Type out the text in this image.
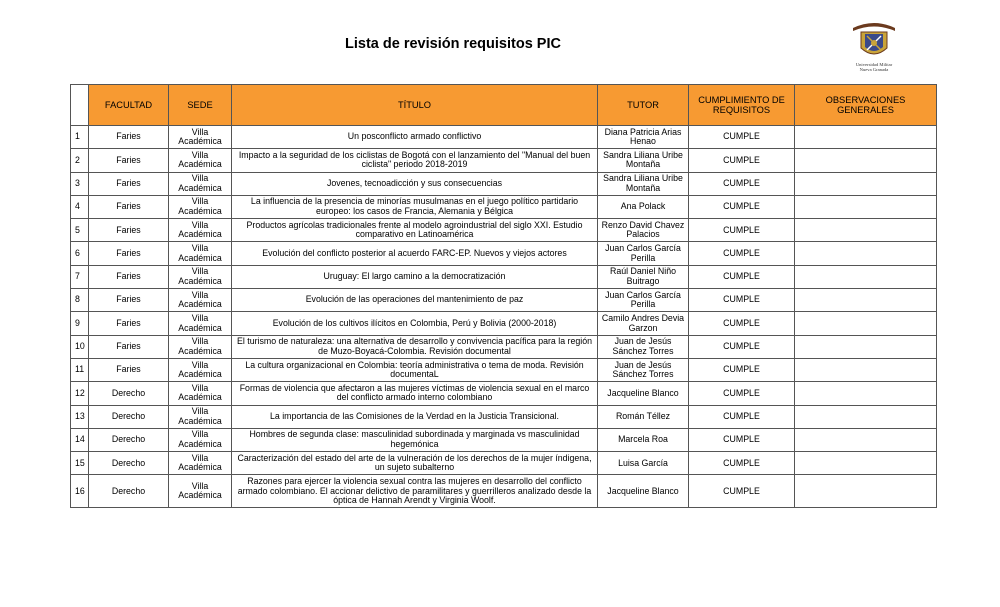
Lista de revisión requisitos PIC
Universidad Militar
Nueva Granada
	FACULTAD	SEDE	TÍTULO	TUTOR	CUMPLIMIENTO DE REQUISITOS	OBSERVACIONES GENERALES
1	Faries	Villa Académica	Un posconflicto armado conflictivo	Diana Patricia Arias Henao	CUMPLE	
2	Faries	Villa Académica	Impacto a la seguridad de los ciclistas de Bogotá con el lanzamiento del "Manual del buen ciclista" periodo 2018-2019	Sandra Liliana Uribe Montaña	CUMPLE	
3	Faries	Villa Académica	Jovenes, tecnoadicción y sus consecuencias	Sandra Liliana Uribe Montaña	CUMPLE	
4	Faries	Villa Académica	La influencia de la presencia de minorías musulmanas en el juego político partidario europeo: los casos de Francia, Alemania y Bélgica	Ana Polack	CUMPLE	
5	Faries	Villa Académica	Productos agrícolas tradicionales frente al modelo agroindustrial del siglo XXI. Estudio comparativo en Latinoamérica	Renzo David Chavez Palacios	CUMPLE	
6	Faries	Villa Académica	Evolución del conflicto posterior al acuerdo FARC-EP. Nuevos y viejos actores	Juan Carlos García Perilla	CUMPLE	
7	Faries	Villa Académica	Uruguay: El largo camino a la democratización	Raúl Daniel Niño Buitrago	CUMPLE	
8	Faries	Villa Académica	Evolución de las operaciones del mantenimiento de paz	Juan Carlos García Perilla	CUMPLE	
9	Faries	Villa Académica	Evolución de los cultivos ilícitos en Colombia, Perú y Bolivia (2000-2018)	Camilo Andres Devia Garzon	CUMPLE	
10	Faries	Villa Académica	El turismo de naturaleza: una alternativa de desarrollo y convivencia pacífica para la región de Muzo-Boyacá-Colombia. Revisión documental	Juan de Jesús Sánchez Torres	CUMPLE	
11	Faries	Villa Académica	La cultura organizacional en Colombia: teoría administrativa o tema de moda. Revisión documentaL	Juan de Jesús Sánchez Torres	CUMPLE	
12	Derecho	Villa Académica	Formas de violencia que afectaron a las mujeres víctimas de violencia sexual en el marco del conflicto armado interno colombiano	Jacqueline Blanco	CUMPLE	
13	Derecho	Villa Académica	La importancia de las Comisiones de la Verdad en la Justicia Transicional.	Román Téllez	CUMPLE	
14	Derecho	Villa Académica	Hombres de segunda clase: masculinidad subordinada y marginada vs masculinidad hegemónica	Marcela Roa	CUMPLE	
15	Derecho	Villa Académica	Caracterización del estado del arte de la vulneración de los derechos de la mujer índigena, un sujeto subalterno	Luisa García	CUMPLE	
16	Derecho	Villa Académica	Razones para ejercer la violencia sexual contra las mujeres en desarrollo del conflicto armado colombiano. El accionar delictivo de paramilitares y guerrilleros analizado desde la óptica de Hannah Arendt y Virginia Woolf.	Jacqueline Blanco	CUMPLE	
